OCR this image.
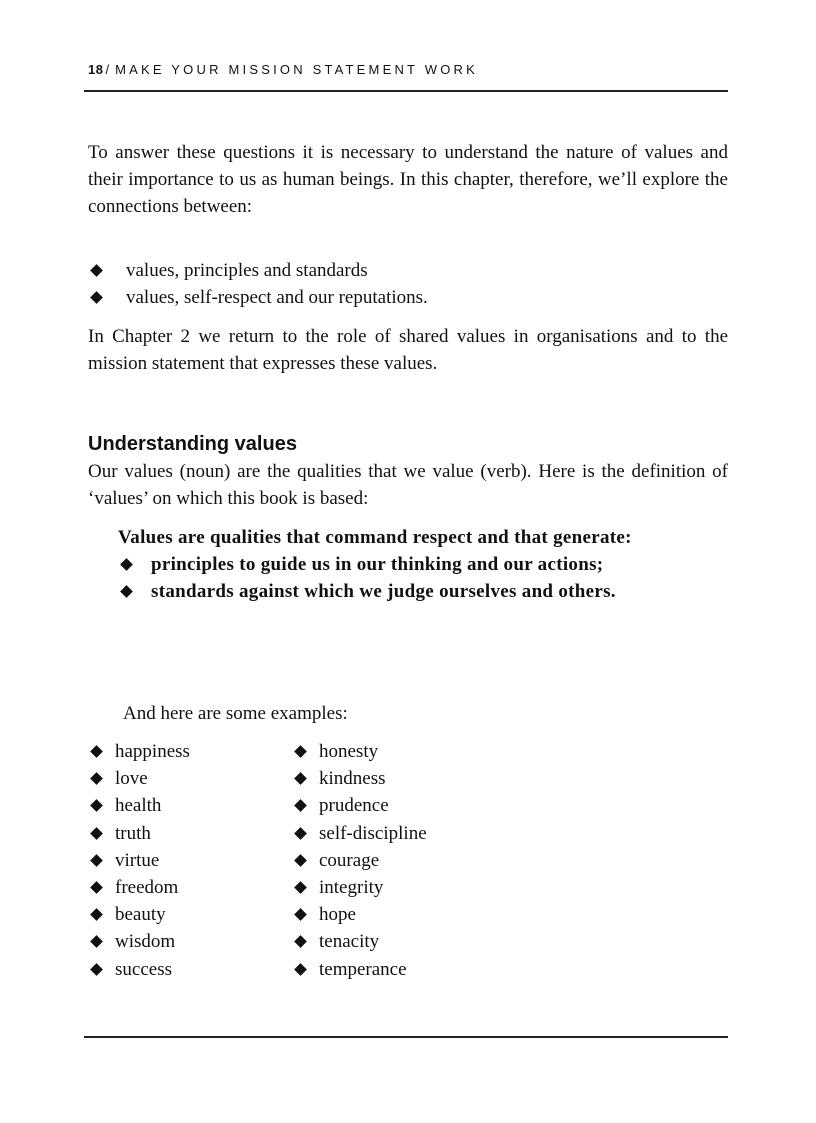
18 / MAKE YOUR MISSION STATEMENT WORK

To answer these questions it is necessary to understand the nature of values and their importance to us as human beings. In this chapter, therefore, we’ll explore the connections between:

values, principles and standards
values, self-respect and our reputations.

In Chapter 2 we return to the role of shared values in organisations and to the mission statement that expresses these values.

Understanding values

Our values (noun) are the qualities that we value (verb). Here is the definition of ‘values’ on which this book is based:

Values are qualities that command respect and that generate:

principles to guide us in our thinking and our actions;
standards against which we judge ourselves and others.

And here are some examples:

happiness
love
health
truth
virtue
freedom
beauty
wisdom
success
honesty
kindness
prudence
self-discipline
courage
integrity
hope
tenacity
temperance
